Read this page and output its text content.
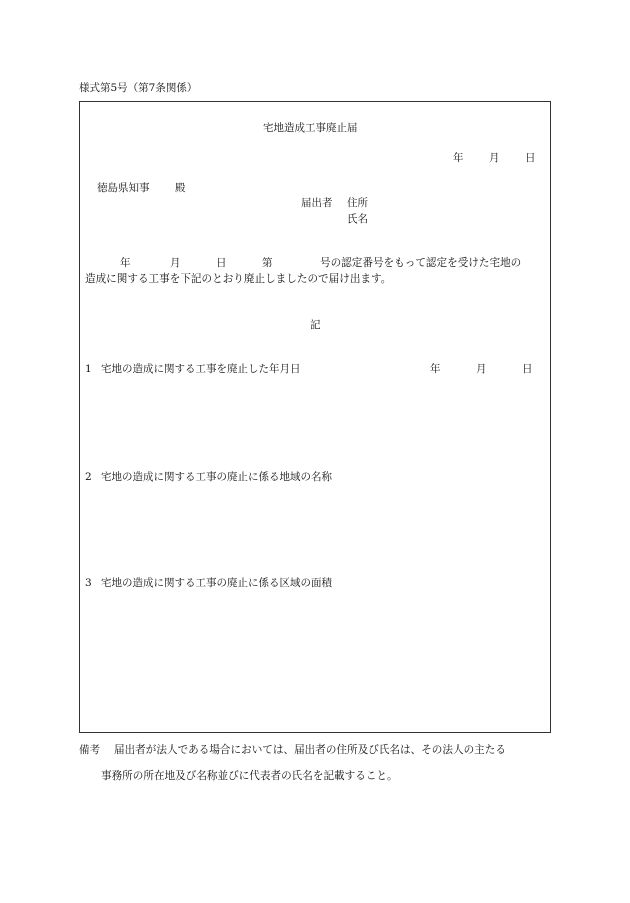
様式第5号（第7条関係）
宅地造成工事廃止届
年 月 日
徳島県知事 殿
届出者 住所
氏名
年	月	日	第	号の認定番号をもって認定を受けた宅地の
造成に関する工事を下記のとおり廃止しましたので届け出ます。
記
1 宅地の造成に関する工事を廃止した年月日	年	月	日
2 宅地の造成に関する工事の廃止に係る地域の名称
3 宅地の造成に関する工事の廃止に係る区域の面積
備考 届出者が法人である場合においては、届出者の住所及び氏名は、その法人の主たる
事務所の所在地及び名称並びに代表者の氏名を記載すること。
